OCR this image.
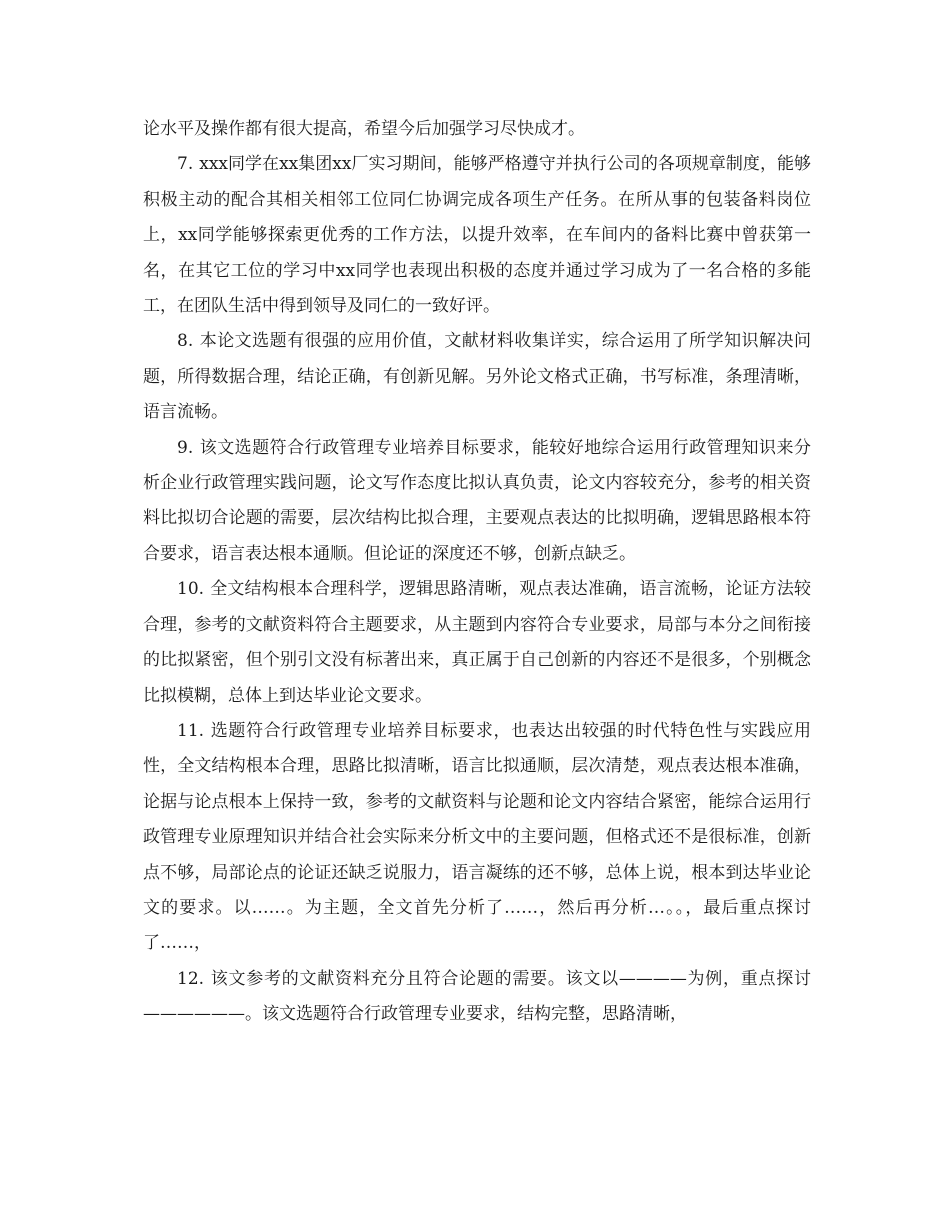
论水平及操作都有很大提高，希望今后加强学习尽快成才。

7. xxx同学在xx集团xx厂实习期间，能够严格遵守并执行公司的各项规章制度，能够积极主动的配合其相关相邻工位同仁协调完成各项生产任务。在所从事的包装备料岗位上，xx同学能够探索更优秀的工作方法，以提升效率，在车间内的备料比赛中曾获第一名，在其它工位的学习中xx同学也表现出积极的态度并通过学习成为了一名合格的多能工，在团队生活中得到领导及同仁的一致好评。

8. 本论文选题有很强的应用价值，文献材料收集详实，综合运用了所学知识解决问题，所得数据合理，结论正确，有创新见解。另外论文格式正确，书写标准，条理清晰，语言流畅。

9. 该文选题符合行政管理专业培养目标要求，能较好地综合运用行政管理知识来分析企业行政管理实践问题，论文写作态度比拟认真负责，论文内容较充分，参考的相关资料比拟切合论题的需要，层次结构比拟合理，主要观点表达的比拟明确，逻辑思路根本符合要求，语言表达根本通顺。但论证的深度还不够，创新点缺乏。

10. 全文结构根本合理科学，逻辑思路清晰，观点表达准确，语言流畅，论证方法较合理，参考的文献资料符合主题要求，从主题到内容符合专业要求，局部与本分之间衔接的比拟紧密，但个别引文没有标著出来，真正属于自己创新的内容还不是很多，个别概念比拟模糊，总体上到达毕业论文要求。

11. 选题符合行政管理专业培养目标要求，也表达出较强的时代特色性与实践应用性，全文结构根本合理，思路比拟清晰，语言比拟通顺，层次清楚，观点表达根本准确，论据与论点根本上保持一致，参考的文献资料与论题和论文内容结合紧密，能综合运用行政管理专业原理知识并结合社会实际来分析文中的主要问题，但格式还不是很标准，创新点不够，局部论点的论证还缺乏说服力，语言凝练的还不够，总体上说，根本到达毕业论文的要求。以……。为主题，全文首先分析了……，然后再分析…。。，最后重点探讨了……，

12. 该文参考的文献资料充分且符合论题的需要。该文以————为例，重点探讨——————。该文选题符合行政管理专业要求，结构完整，思路清晰，
